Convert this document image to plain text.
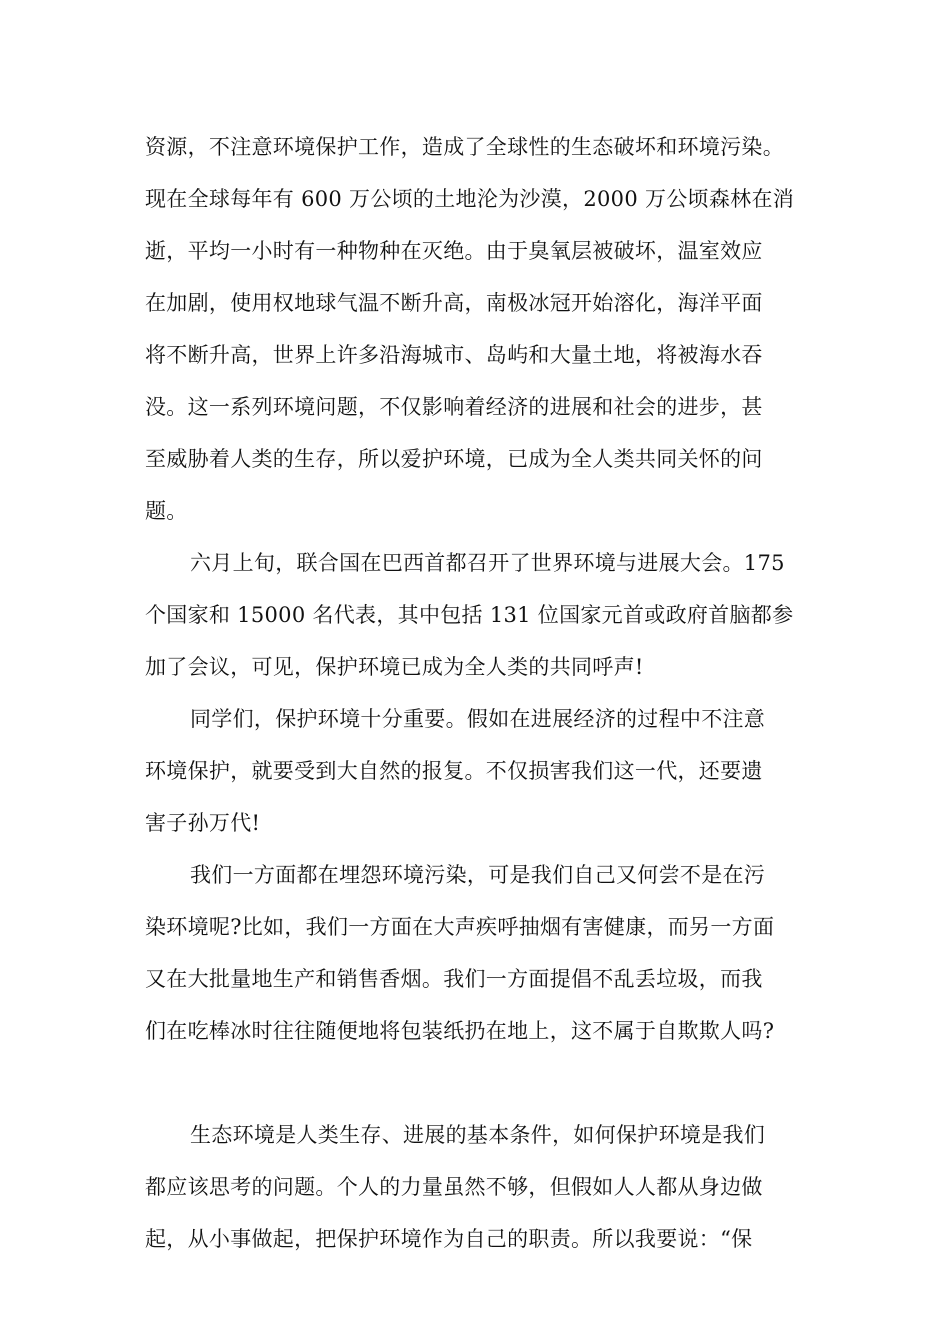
资源，不注意环境保护工作，造成了全球性的生态破坏和环境污染。
现在全球每年有 600 万公顷的土地沦为沙漠，2000 万公顷森林在消
逝，平均一小时有一种物种在灭绝。由于臭氧层被破坏，温室效应
在加剧，使用权地球气温不断升高，南极冰冠开始溶化，海洋平面
将不断升高，世界上许多沿海城市、岛屿和大量土地，将被海水吞
没。这一系列环境问题，不仅影响着经济的进展和社会的进步，甚
至威胁着人类的生存，所以爱护环境，已成为全人类共同关怀的问
题。
六月上旬，联合国在巴西首都召开了世界环境与进展大会。175
个国家和 15000 名代表，其中包括 131 位国家元首或政府首脑都参
加了会议，可见，保护环境已成为全人类的共同呼声!
同学们，保护环境十分重要。假如在进展经济的过程中不注意
环境保护，就要受到大自然的报复。不仅损害我们这一代，还要遗
害子孙万代!
我们一方面都在埋怨环境污染，可是我们自己又何尝不是在污
染环境呢?比如，我们一方面在大声疾呼抽烟有害健康，而另一方面
又在大批量地生产和销售香烟。我们一方面提倡不乱丢垃圾，而我
们在吃棒冰时往往随便地将包装纸扔在地上，这不属于自欺欺人吗?
生态环境是人类生存、进展的基本条件，如何保护环境是我们
都应该思考的问题。个人的力量虽然不够，但假如人人都从身边做
起，从小事做起，把保护环境作为自己的职责。所以我要说：“保
